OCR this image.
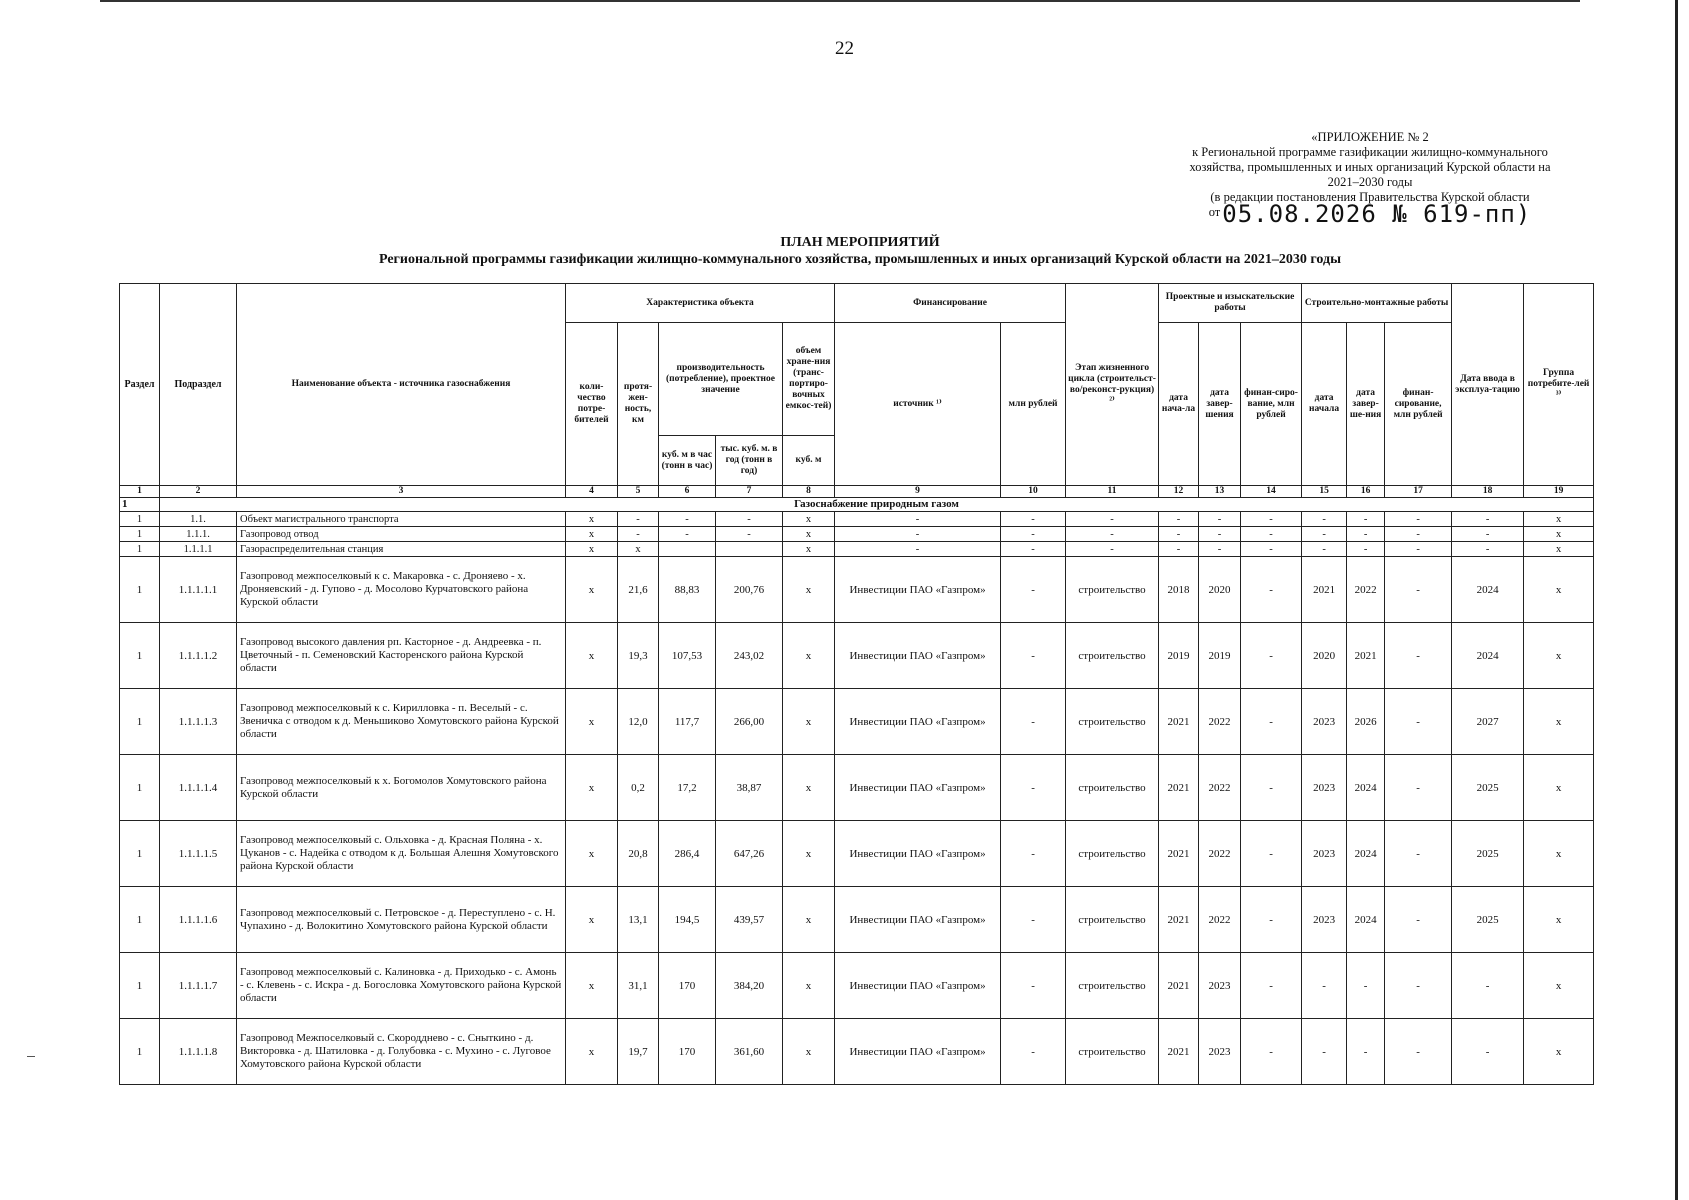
22
«ПРИЛОЖЕНИЕ № 2
к Региональной программе газификации жилищно-коммунального
хозяйства, промышленных и иных организаций Курской области на
2021–2030 годы
(в редакции постановления Правительства Курской области
от05.08.2026 № 619-пп)
ПЛАН МЕРОПРИЯТИЙ
Региональной программы газификации жилищно-коммунального хозяйства, промышленных и иных организаций Курской области на 2021–2030 годы
Раздел	Подраздел	Наименование объекта - источника газоснабжения	Характеристика объекта					Финансирование		Этап жизненного цикла (строительст-во/реконст-рукция) ²⁾	Проектные и изыскательские работы			Строительно-монтажные работы			Дата ввода в эксплуа-тацию	Группа потребите-лей ³⁾
			коли-чество потре-бителей	протя-жен-ность, км	производительность (потребление), проектное значение		объем хране-ния (транс-портиро-вочных емкос-тей)	источник ¹⁾	млн рублей		дата нача-ла	дата завер-шения	финан-сиро-вание, млн рублей	дата начала	дата завер-ше-ния	финан-сирование, млн рублей		
					куб. м в час (тонн в час)	тыс. куб. м. в год (тонн в год)	куб. м											
1	2	3	4	5	6	7	8	9	10	11	12	13	14	15	16	17	18	19
1	Газоснабжение природным газом																	
1	1.1.	Объект магистрального транспорта	х	-	-	-	х	-	-	-	-	-	-	-	-	-	-	х
1	1.1.1.	Газопровод отвод	х	-	-	-	х	-	-	-	-	-	-	-	-	-	-	х
1	1.1.1.1	Газораспределительная станция	х	х			х	-	-	-	-	-	-	-	-	-	-	х
1	1.1.1.1.1	Газопровод межпоселковый к с. Макаровка - с. Дроняево - х. Дроняевский - д. Гупово - д. Мосолово Курчатовского района Курской области	х	21,6	88,83	200,76	х	Инвестиции ПАО «Газпром»	-	строительство	2018	2020	-	2021	2022	-	2024	х
1	1.1.1.1.2	Газопровод высокого давления рп. Касторное - д. Андреевка - п. Цветочный - п. Семеновский Касторенского района Курской области	х	19,3	107,53	243,02	х	Инвестиции ПАО «Газпром»	-	строительство	2019	2019	-	2020	2021	-	2024	х
1	1.1.1.1.3	Газопровод межпоселковый к с. Кирилловка - п. Веселый - с. Звеничка с отводом к д. Меньшиково Хомутовского района Курской области	х	12,0	117,7	266,00	х	Инвестиции ПАО «Газпром»	-	строительство	2021	2022	-	2023	2026	-	2027	х
1	1.1.1.1.4	Газопровод межпоселковый к х. Богомолов Хомутовского района Курской области	х	0,2	17,2	38,87	х	Инвестиции ПАО «Газпром»	-	строительство	2021	2022	-	2023	2024	-	2025	х
1	1.1.1.1.5	Газопровод межпоселковый с. Ольховка - д. Красная Поляна - х. Цуканов - с. Надейка с отводом к д. Большая Алешня Хомутовского района Курской области	х	20,8	286,4	647,26	х	Инвестиции ПАО «Газпром»	-	строительство	2021	2022	-	2023	2024	-	2025	х
1	1.1.1.1.6	Газопровод межпоселковый с. Петровское - д. Переступлено - с. Н. Чупахино - д. Волокитино Хомутовского района Курской области	х	13,1	194,5	439,57	х	Инвестиции ПАО «Газпром»	-	строительство	2021	2022	-	2023	2024	-	2025	х
1	1.1.1.1.7	Газопровод межпоселковый с. Калиновка - д. Приходько - с. Амонь - с. Клевень - с. Искра - д. Богословка Хомутовского района Курской области	х	31,1	170	384,20	х	Инвестиции ПАО «Газпром»	-	строительство	2021	2023	-	-	-	-	-	х
1	1.1.1.1.8	Газопровод Межпоселковый с. Скородднево - с. Сныткино - д. Викторовка - д. Шатиловка - д. Голубовка - с. Мухино - с. Луговое Хомутовского района Курской области	х	19,7	170	361,60	х	Инвестиции ПАО «Газпром»	-	строительство	2021	2023	-	-	-	-	-	х
